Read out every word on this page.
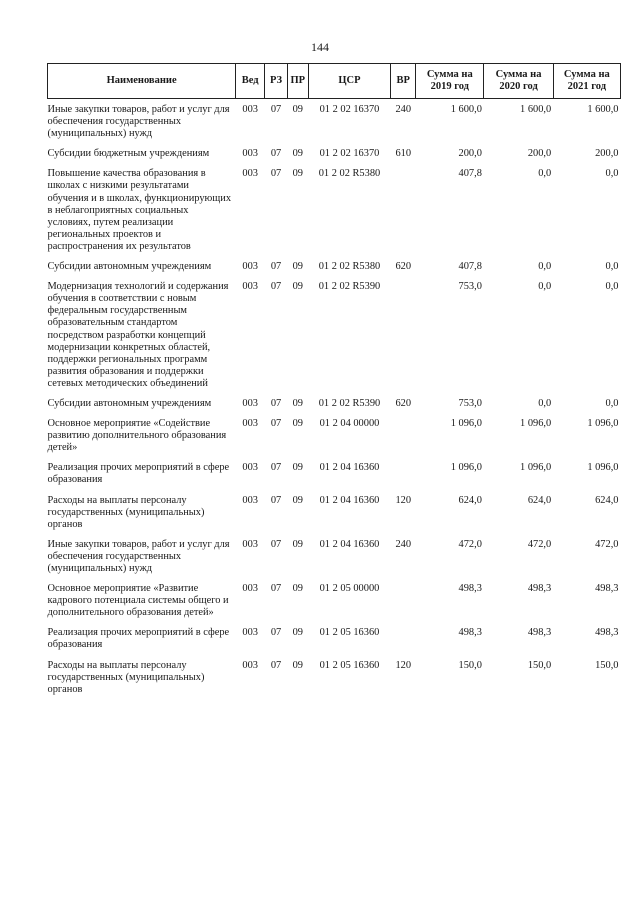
144
Наименование	Вед	РЗ	ПР	ЦСР	ВР	Сумма на 2019 год	Сумма на 2020 год	Сумма на 2021 год
Иные закупки товаров, работ и услуг для обеспечения государственных (муниципальных) нужд	003	07	09	01 2 02 16370	240	1 600,0	1 600,0	1 600,0
Субсидии бюджетным учреждениям	003	07	09	01 2 02 16370	610	200,0	200,0	200,0
Повышение качества образования в школах с низкими результатами обучения и в школах, функционирующих в неблагоприятных социальных условиях, путем реализации региональных проектов и распространения их результатов	003	07	09	01 2 02 R5380		407,8	0,0	0,0
Субсидии автономным учреждениям	003	07	09	01 2 02 R5380	620	407,8	0,0	0,0
Модернизация технологий и содержания обучения в соответствии с новым федеральным государственным образовательным стандартом посредством разработки концепций модернизации конкретных областей, поддержки региональных программ развития образования и поддержки сетевых методических объединений	003	07	09	01 2 02 R5390		753,0	0,0	0,0
Субсидии автономным учреждениям	003	07	09	01 2 02 R5390	620	753,0	0,0	0,0
Основное мероприятие «Содействие развитию дополнительного образования детей»	003	07	09	01 2 04 00000		1 096,0	1 096,0	1 096,0
Реализация прочих мероприятий в сфере образования	003	07	09	01 2 04 16360		1 096,0	1 096,0	1 096,0
Расходы на выплаты персоналу государственных (муниципальных) органов	003	07	09	01 2 04 16360	120	624,0	624,0	624,0
Иные закупки товаров, работ и услуг для обеспечения государственных (муниципальных) нужд	003	07	09	01 2 04 16360	240	472,0	472,0	472,0
Основное мероприятие «Развитие кадрового потенциала системы общего и дополнительного образования детей»	003	07	09	01 2 05 00000		498,3	498,3	498,3
Реализация прочих мероприятий в сфере образования	003	07	09	01 2 05 16360		498,3	498,3	498,3
Расходы на выплаты персоналу государственных (муниципальных) органов	003	07	09	01 2 05 16360	120	150,0	150,0	150,0
